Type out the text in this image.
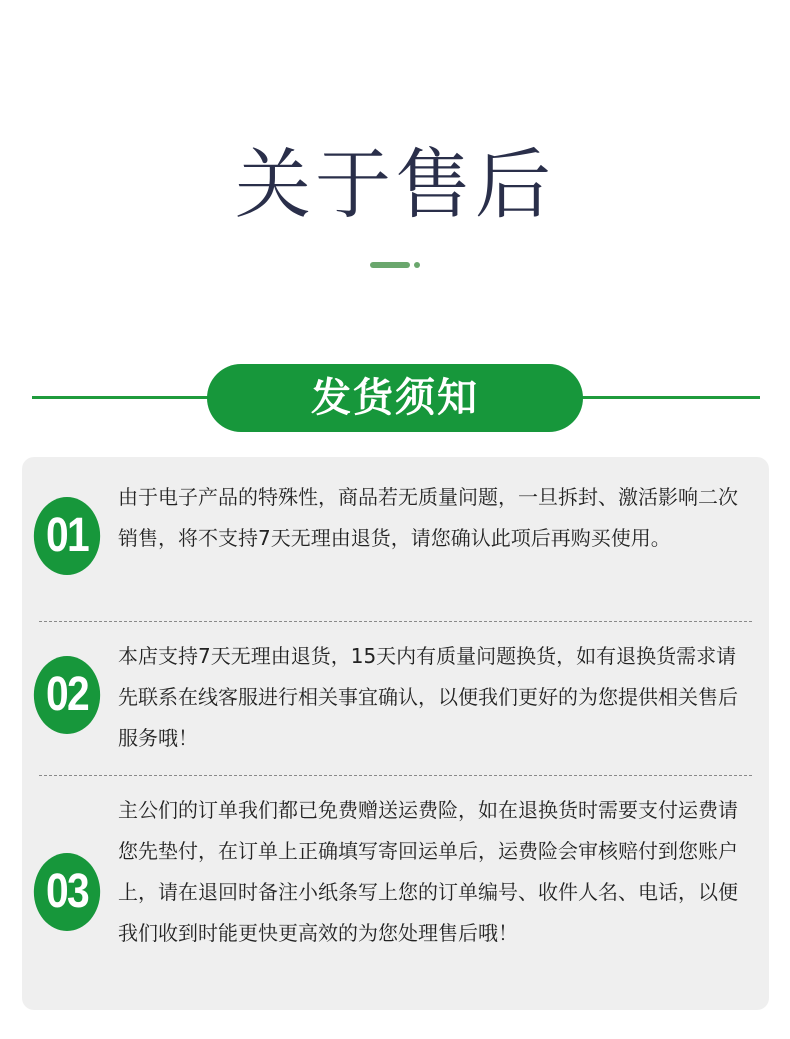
关于售后
发货须知
01

由于电子产品的特殊性，商品若无质量问题，一旦拆封、激活影响二次销售，将不支持7天无理由退货，请您确认此项后再购买使用。

02

本店支持7天无理由退货，15天内有质量问题换货，如有退换货需求请先联系在线客服进行相关事宜确认，以便我们更好的为您提供相关售后服务哦！

03

主公们的订单我们都已免费赠送运费险，如在退换货时需要支付运费请您先垫付，在订单上正确填写寄回运单后，运费险会审核赔付到您账户上，请在退回时备注小纸条写上您的订单编号、收件人名、电话，以便我们收到时能更快更高效的为您处理售后哦！
